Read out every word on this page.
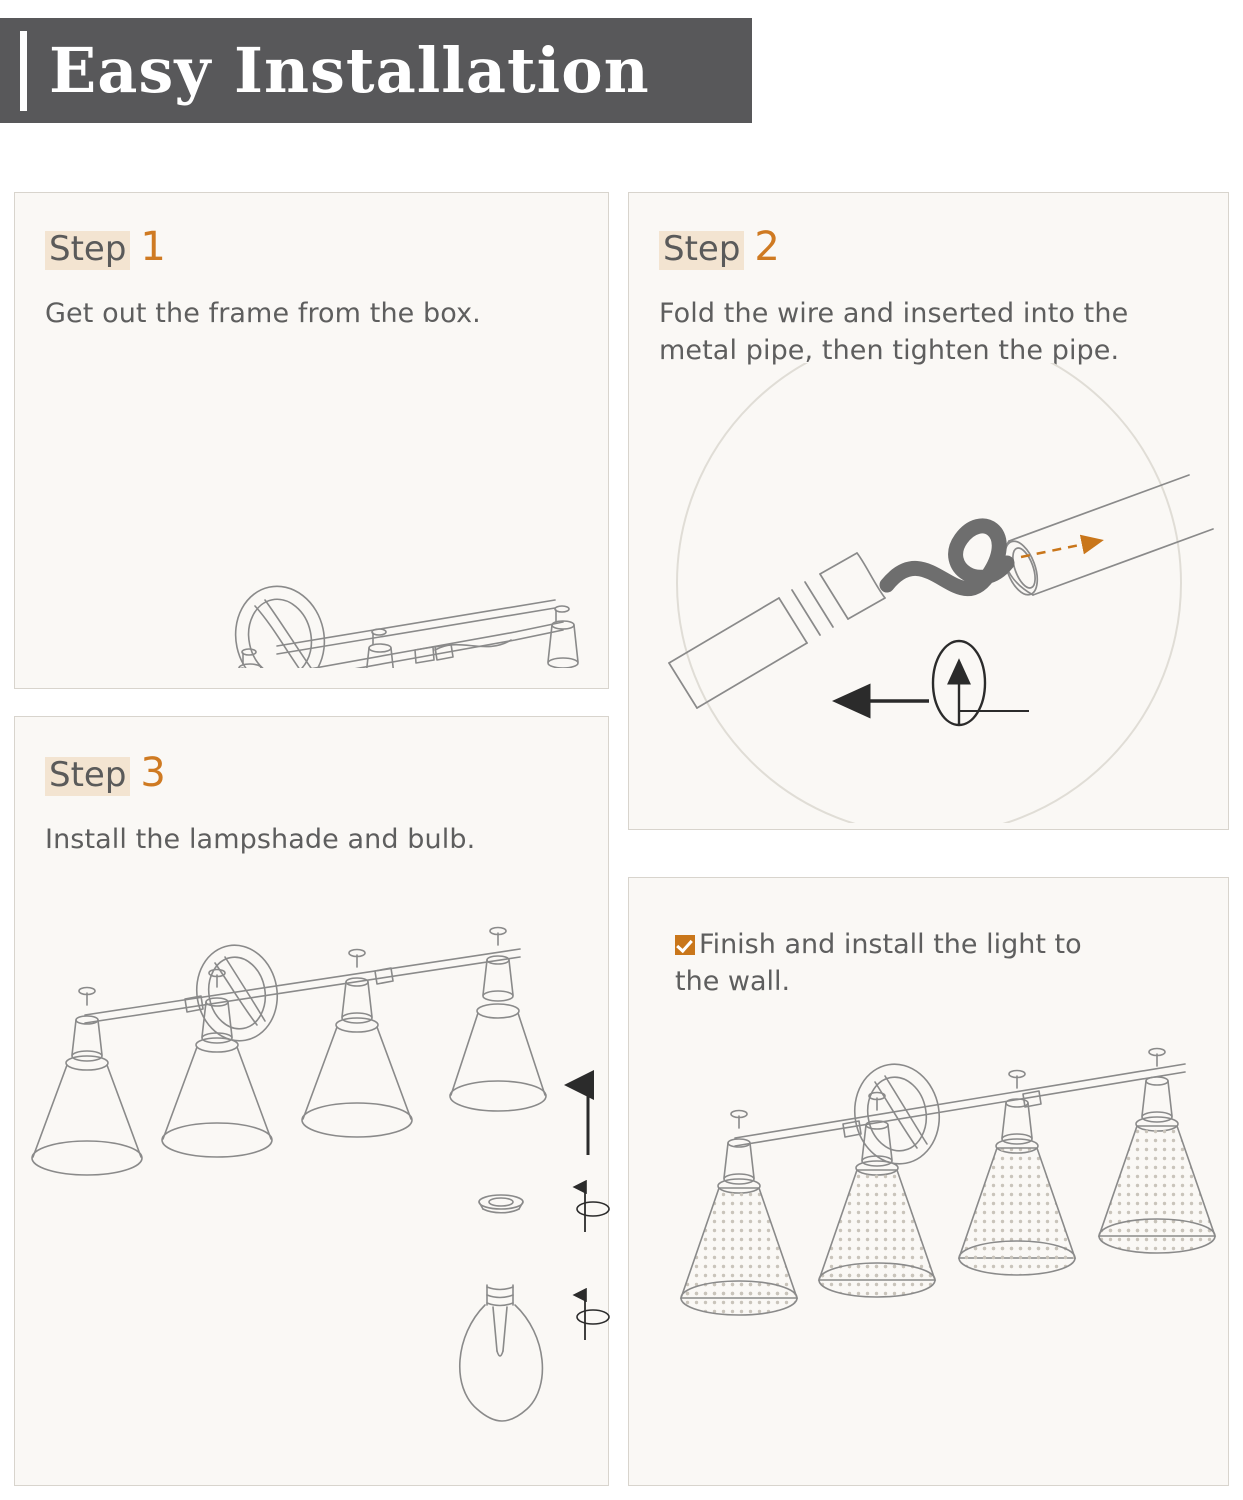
Easy Installation
Step 1
Get out the frame from the box.
Step 2
Fold the wire and inserted into the metal pipe, then tighten the pipe.
Step 3
Install the lampshade and bulb.
Finish and install the light to the wall.
